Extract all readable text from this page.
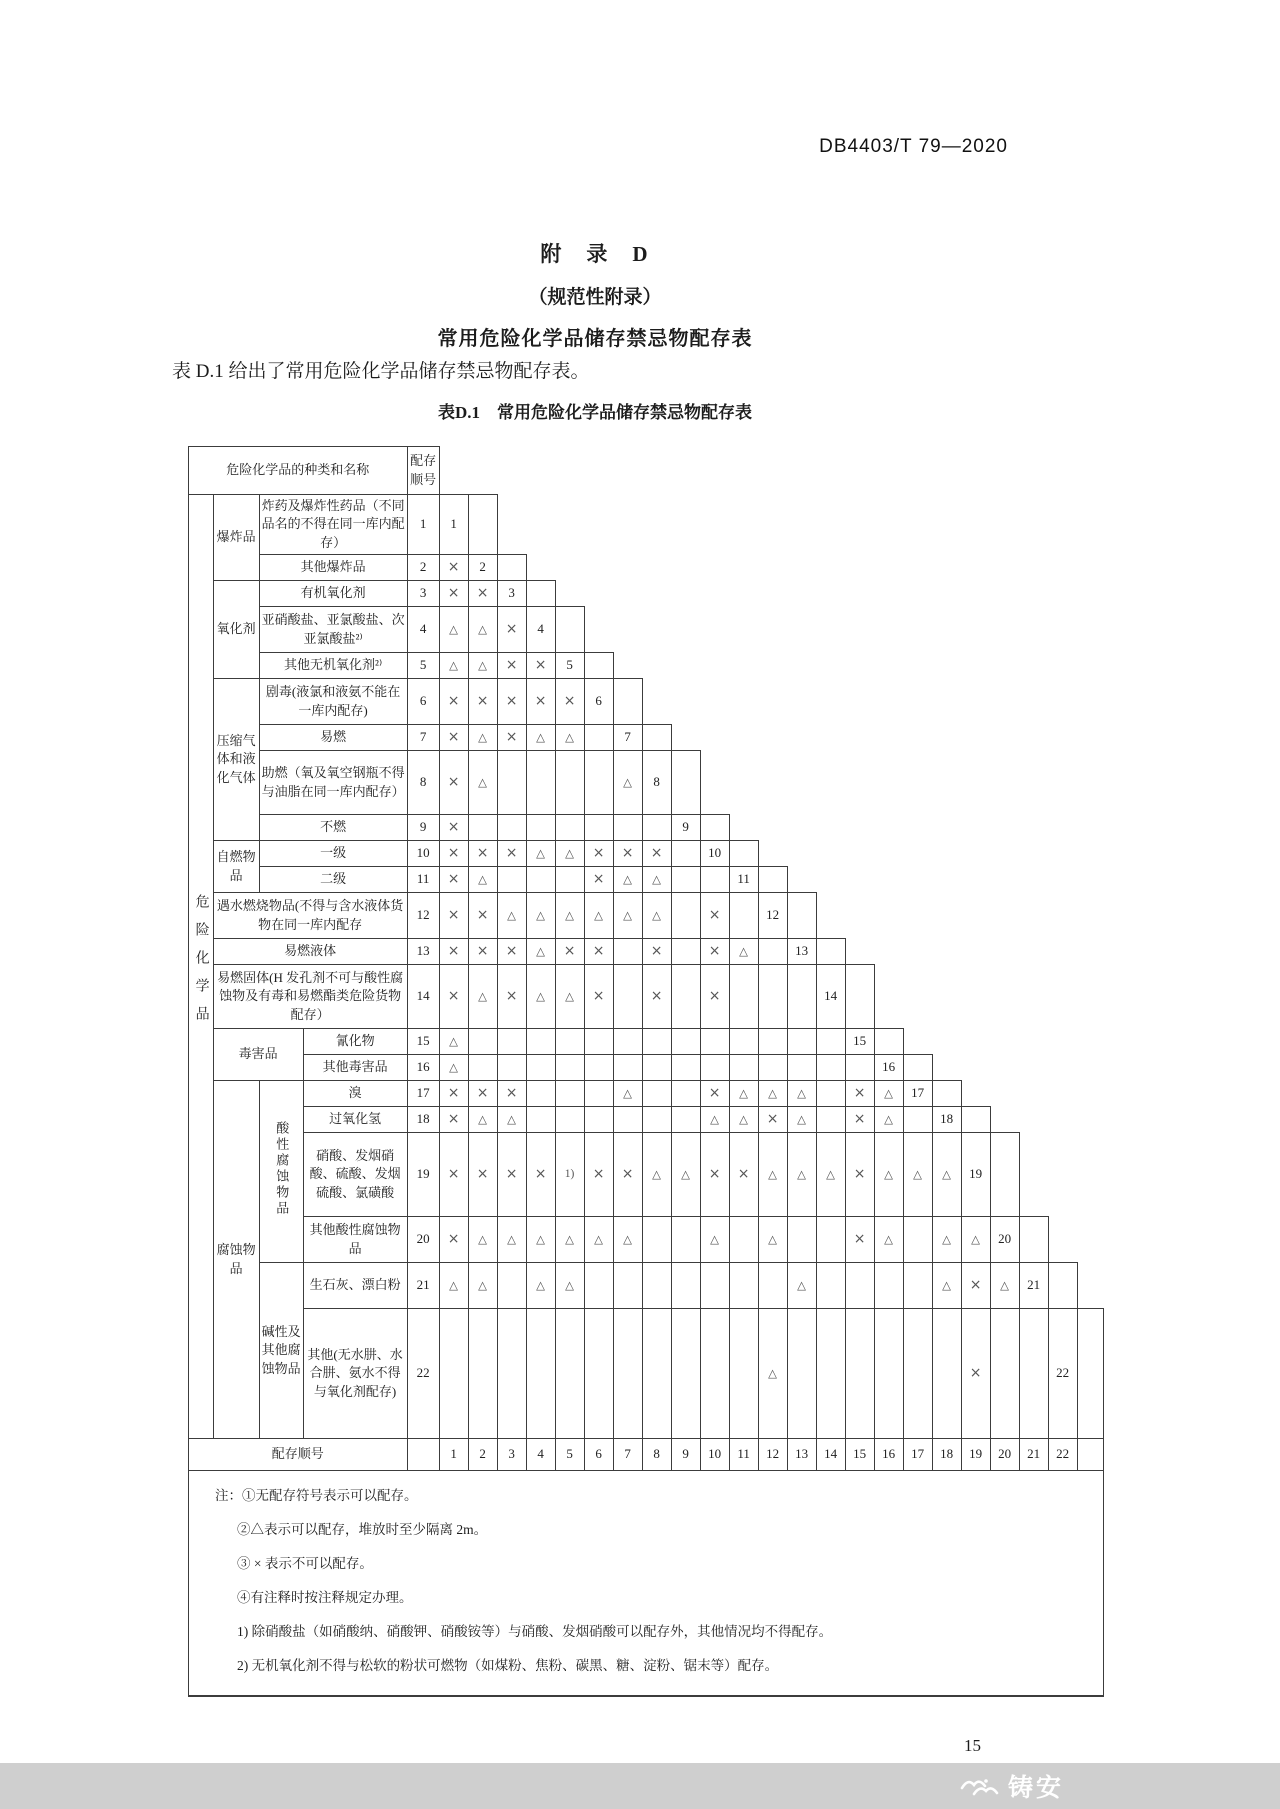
DB4403/T 79—2020
附　录　D
（规范性附录）
常用危险化学品储存禁忌物配存表
表 D.1 给出了常用危险化学品储存禁忌物配存表。
表D.1　常用危险化学品储存禁忌物配存表
危险化学品的种类和名称				配存顺号																							
危险化学品	爆炸品	炸药及爆炸性药品（不同品名的不得在同一库内配存）		1	1																						
		其他爆炸品		2	×	2																					
	氧化剂	有机氧化剂		3	×	×	3																				
		亚硝酸盐、亚氯酸盐、次亚氯酸盐²⁾		4	△	△	×	4																			
		其他无机氧化剂²⁾		5	△	△	×	×	5																		
	压缩气体和液化气体	剧毒(液氯和液氨不能在一库内配存)		6	×	×	×	×	×	6																	
		易燃		7	×	△	×	△	△		7																
		助燃（氧及氧空钢瓶不得与油脂在同一库内配存）		8	×	△					△	8															
		不燃		9	×								9														
	自燃物品	一级		10	×	×	×	△	△	×	×	×		10													
		二级		11	×	△				×	△	△			11												
	遇水燃烧物品(不得与含水液体货物在同一库内配存			12	×	×	△	△	△	△	△	△		×		12											
	易燃液体			13	×	×	×	△	×	×		×		×	△		13										
	易燃固体(H 发孔剂不可与酸性腐蚀物及有毒和易燃酯类危险货物配存）			14	×	△	×	△	△	×		×		×				14									
	毒害品		氰化物	15	△														15								
			其他毒害品	16	△															16							
	腐蚀物品	酸性腐蚀物品	溴	17	×	×	×				△			×	△	△	△		×	△	17						
			过氧化氢	18	×	△	△							△	△	×	△		×	△		18					
			硝酸、发烟硝酸、硫酸、发烟硫酸、氯磺酸	19	×	×	×	×	1)	×	×	△	△	×	×	△	△	△	×	△	△	△	19				
			其他酸性腐蚀物品	20	×	△	△	△	△	△	△			△		△			×	△		△	△	20			
		碱性及其他腐蚀物品	生石灰、漂白粉	21	△	△		△	△								△					△	×	△	21		
			其他(无水肼、水合肼、氨水不得与氧化剂配存)	22												△							×			22	
配存顺号					1	2	3	4	5	6	7	8	9	10	11	12	13	14	15	16	17	18	19	20	21	22	
注：①无配存符号表示可以配存。
②△表示可以配存，堆放时至少隔离 2m。
③ × 表示不可以配存。
④有注释时按注释规定办理。
1) 除硝酸盐（如硝酸纳、硝酸钾、硝酸铵等）与硝酸、发烟硝酸可以配存外，其他情况均不得配存。
2) 无机氧化剂不得与松软的粉状可燃物（如煤粉、焦粉、碳黑、糖、淀粉、锯末等）配存。
15
铸安
